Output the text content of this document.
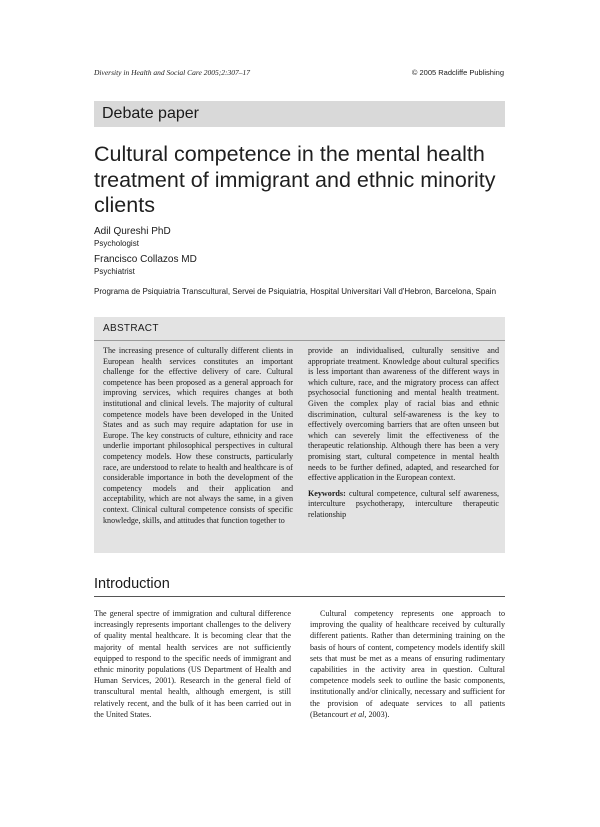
Diversity in Health and Social Care 2005;2:307–17	© 2005 Radcliffe Publishing
Debate paper
Cultural competence in the mental health treatment of immigrant and ethnic minority clients
Adil Qureshi PhD
Psychologist
Francisco Collazos MD
Psychiatrist
Programa de Psiquiatria Transcultural, Servei de Psiquiatria, Hospital Universitari Vall d'Hebron, Barcelona, Spain
ABSTRACT
The increasing presence of culturally different clients in European health services constitutes an important challenge for the effective delivery of care. Cultural competence has been proposed as a general approach for improving services, which requires changes at both institutional and clinical levels. The majority of cultural competence models have been developed in the United States and as such may require adaptation for use in Europe. The key constructs of culture, ethnicity and race underlie important philosophical perspectives in cultural competency models. How these constructs, particularly race, are understood to relate to health and healthcare is of considerable importance in both the development of the competency models and their application and acceptability, which are not always the same, in a given context. Clinical cultural competence consists of specific knowledge, skills, and attitudes that function together to
provide an individualised, culturally sensitive and appropriate treatment. Knowledge about cultural specifics is less important than awareness of the different ways in which culture, race, and the migratory process can affect psychosocial functioning and mental health treatment. Given the complex play of racial bias and ethnic discrimination, cultural self-awareness is the key to effectively overcoming barriers that are often unseen but which can severely limit the effectiveness of the therapeutic relationship. Although there has been a very promising start, cultural competence in mental health needs to be further defined, adapted, and researched for effective application in the European context.
Keywords: cultural competence, cultural self awareness, interculture psychotherapy, interculture therapeutic relationship
Introduction
The general spectre of immigration and cultural difference increasingly represents important challenges to the delivery of quality mental healthcare. It is becoming clear that the majority of mental health services are not sufficiently equipped to respond to the specific needs of immigrant and ethnic minority populations (US Department of Health and Human Services, 2001). Research in the general field of transcultural mental health, although emergent, is still relatively recent, and the bulk of it has been carried out in the United States.
Cultural competency represents one approach to improving the quality of healthcare received by culturally different patients. Rather than determining training on the basis of hours of content, competency models identify skill sets that must be met as a means of ensuring rudimentary capabilities in the activity area in question. Cultural competence models seek to outline the basic components, institutionally and/or clinically, necessary and sufficient for the provision of adequate services to all patients (Betancourt et al, 2003).
